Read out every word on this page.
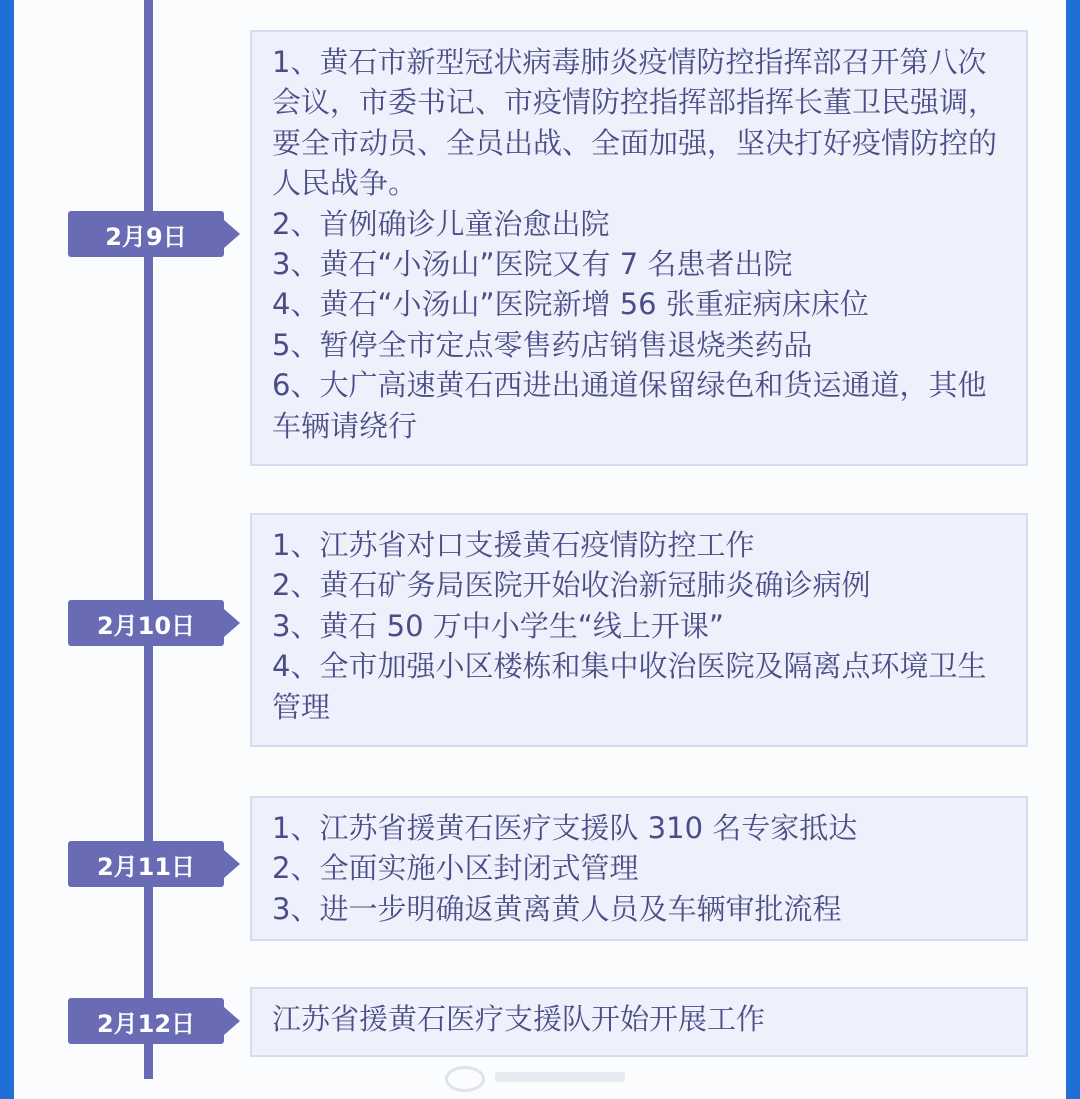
2月9日
1、黄石市新型冠状病毒肺炎疫情防控指挥部召开第八次会议，市委书记、市疫情防控指挥部指挥长董卫民强调，要全市动员、全员出战、全面加强，坚决打好疫情防控的人民战争。
2、首例确诊儿童治愈出院
3、黄石“小汤山”医院又有 7 名患者出院
4、黄石“小汤山”医院新增 56 张重症病床床位
5、暂停全市定点零售药店销售退烧类药品
6、大广高速黄石西进出通道保留绿色和货运通道，其他车辆请绕行
2月10日
1、江苏省对口支援黄石疫情防控工作
2、黄石矿务局医院开始收治新冠肺炎确诊病例
3、黄石 50 万中小学生“线上开课”
4、全市加强小区楼栋和集中收治医院及隔离点环境卫生管理
2月11日
1、江苏省援黄石医疗支援队 310 名专家抵达
2、全面实施小区封闭式管理
3、进一步明确返黄离黄人员及车辆审批流程
2月12日	江苏省援黄石医疗支援队开始开展工作
